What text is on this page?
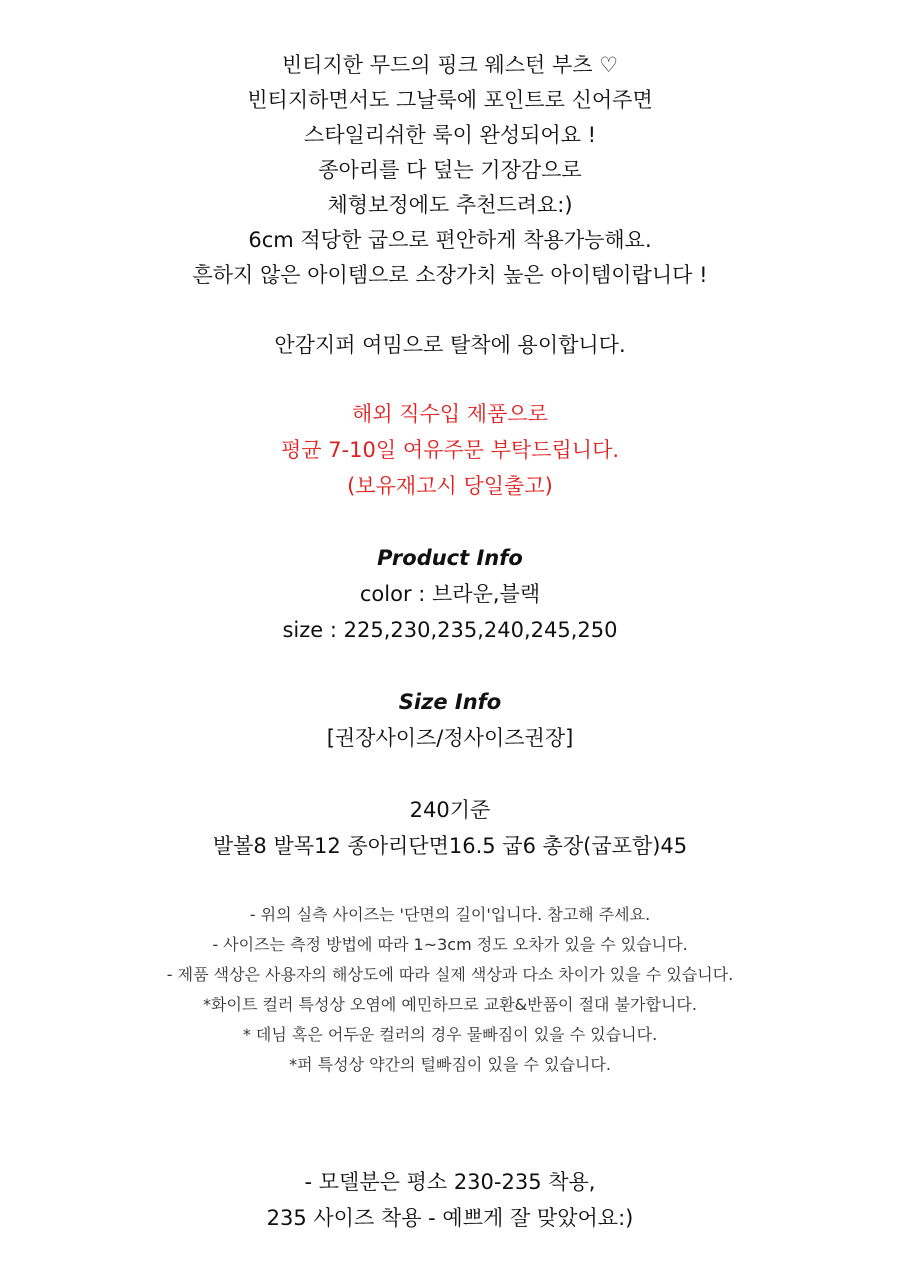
빈티지한 무드의 핑크 웨스턴 부츠 ♡
빈티지하면서도 그날룩에 포인트로 신어주면
스타일리쉬한 룩이 완성되어요 !
종아리를 다 덮는 기장감으로
체형보정에도 추천드려요:)
6cm 적당한 굽으로 편안하게 착용가능해요.
흔하지 않은 아이템으로 소장가치 높은 아이템이랍니다 !
안감지퍼 여밈으로 탈착에 용이합니다.
해외 직수입 제품으로
평균 7-10일 여유주문 부탁드립니다.
(보유재고시 당일출고)
Product Info
color : 브라운,블랙
size : 225,230,235,240,245,250
Size Info
[권장사이즈/정사이즈권장]
240기준
발볼8 발목12 종아리단면16.5 굽6 총장(굽포함)45
- 위의 실측 사이즈는 '단면의 길이'입니다. 참고해 주세요.
- 사이즈는 측정 방법에 따라 1~3cm 정도 오차가 있을 수 있습니다.
- 제품 색상은 사용자의 해상도에 따라 실제 색상과 다소 차이가 있을 수 있습니다.
*화이트 컬러 특성상 오염에 예민하므로 교환&반품이 절대 불가합니다.
* 데님 혹은 어두운 컬러의 경우 물빠짐이 있을 수 있습니다.
*퍼 특성상 약간의 털빠짐이 있을 수 있습니다.
- 모델분은 평소 230-235 착용,
235 사이즈 착용 - 예쁘게 잘 맞았어요:)
